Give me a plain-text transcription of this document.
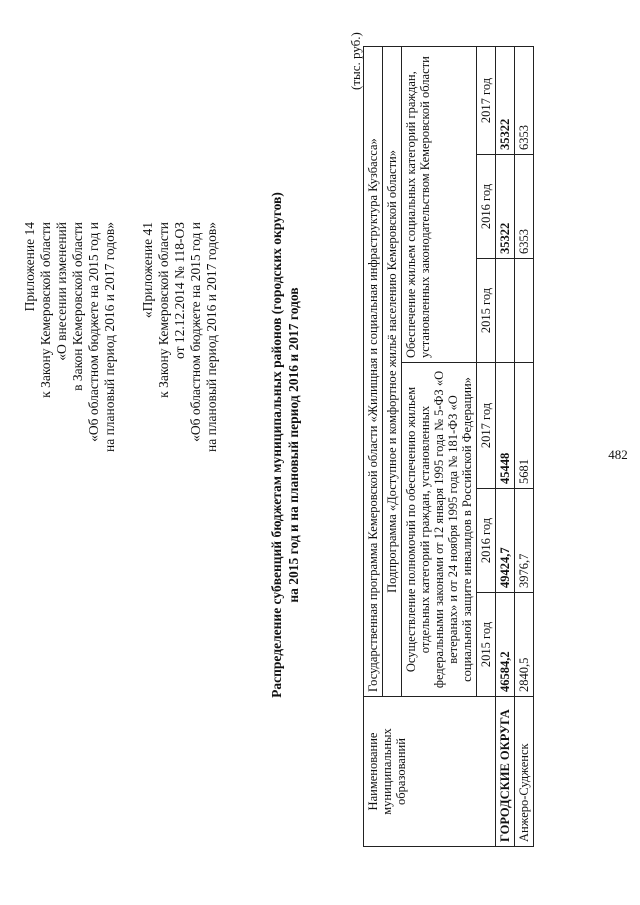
482
Приложение 14 к Закону Кемеровской области «О внесении изменений в Закон Кемеровской области «Об областном бюджете на 2015 год и на плановый период 2016 и 2017 годов» «Приложение 41 к Закону Кемеровской области от 12.12.2014 № 118-ОЗ «Об областном бюджете на 2015 год и на плановый период 2016 и 2017 годов»	Распределение субвенций бюджетам муниципальных районов (городских округов) на 2015 год и на плановый период 2016 и 2017 годов
(тыс. руб.)
Наименование муниципальных образований	Государственная программа Кемеровской области «Жилищная и социальная инфраструктура Кузбасса»					
	Подпрограмма «Доступное и комфортное жильё населению Кемеровской области»					
	Осуществление полномочий по обеспечению жильем отдельных категорий граждан, установленных федеральными законами от 12 января 1995 года № 5-ФЗ «О ветеранах» и от 24 ноября 1995 года № 181-ФЗ «О социальной защите инвалидов в Российской Федерации»			Обеспечение жильем социальных категорий граждан, установленных законодательством Кемеровской области		
	2015 год	2016 год	2017 год	2015 год	2016 год	2017 год
ГОРОДСКИЕ ОКРУГА	46584,2	49424,7	45448		35322	35322
Анжеро-Судженск	2840,5	3976,7	5681		6353	6353
